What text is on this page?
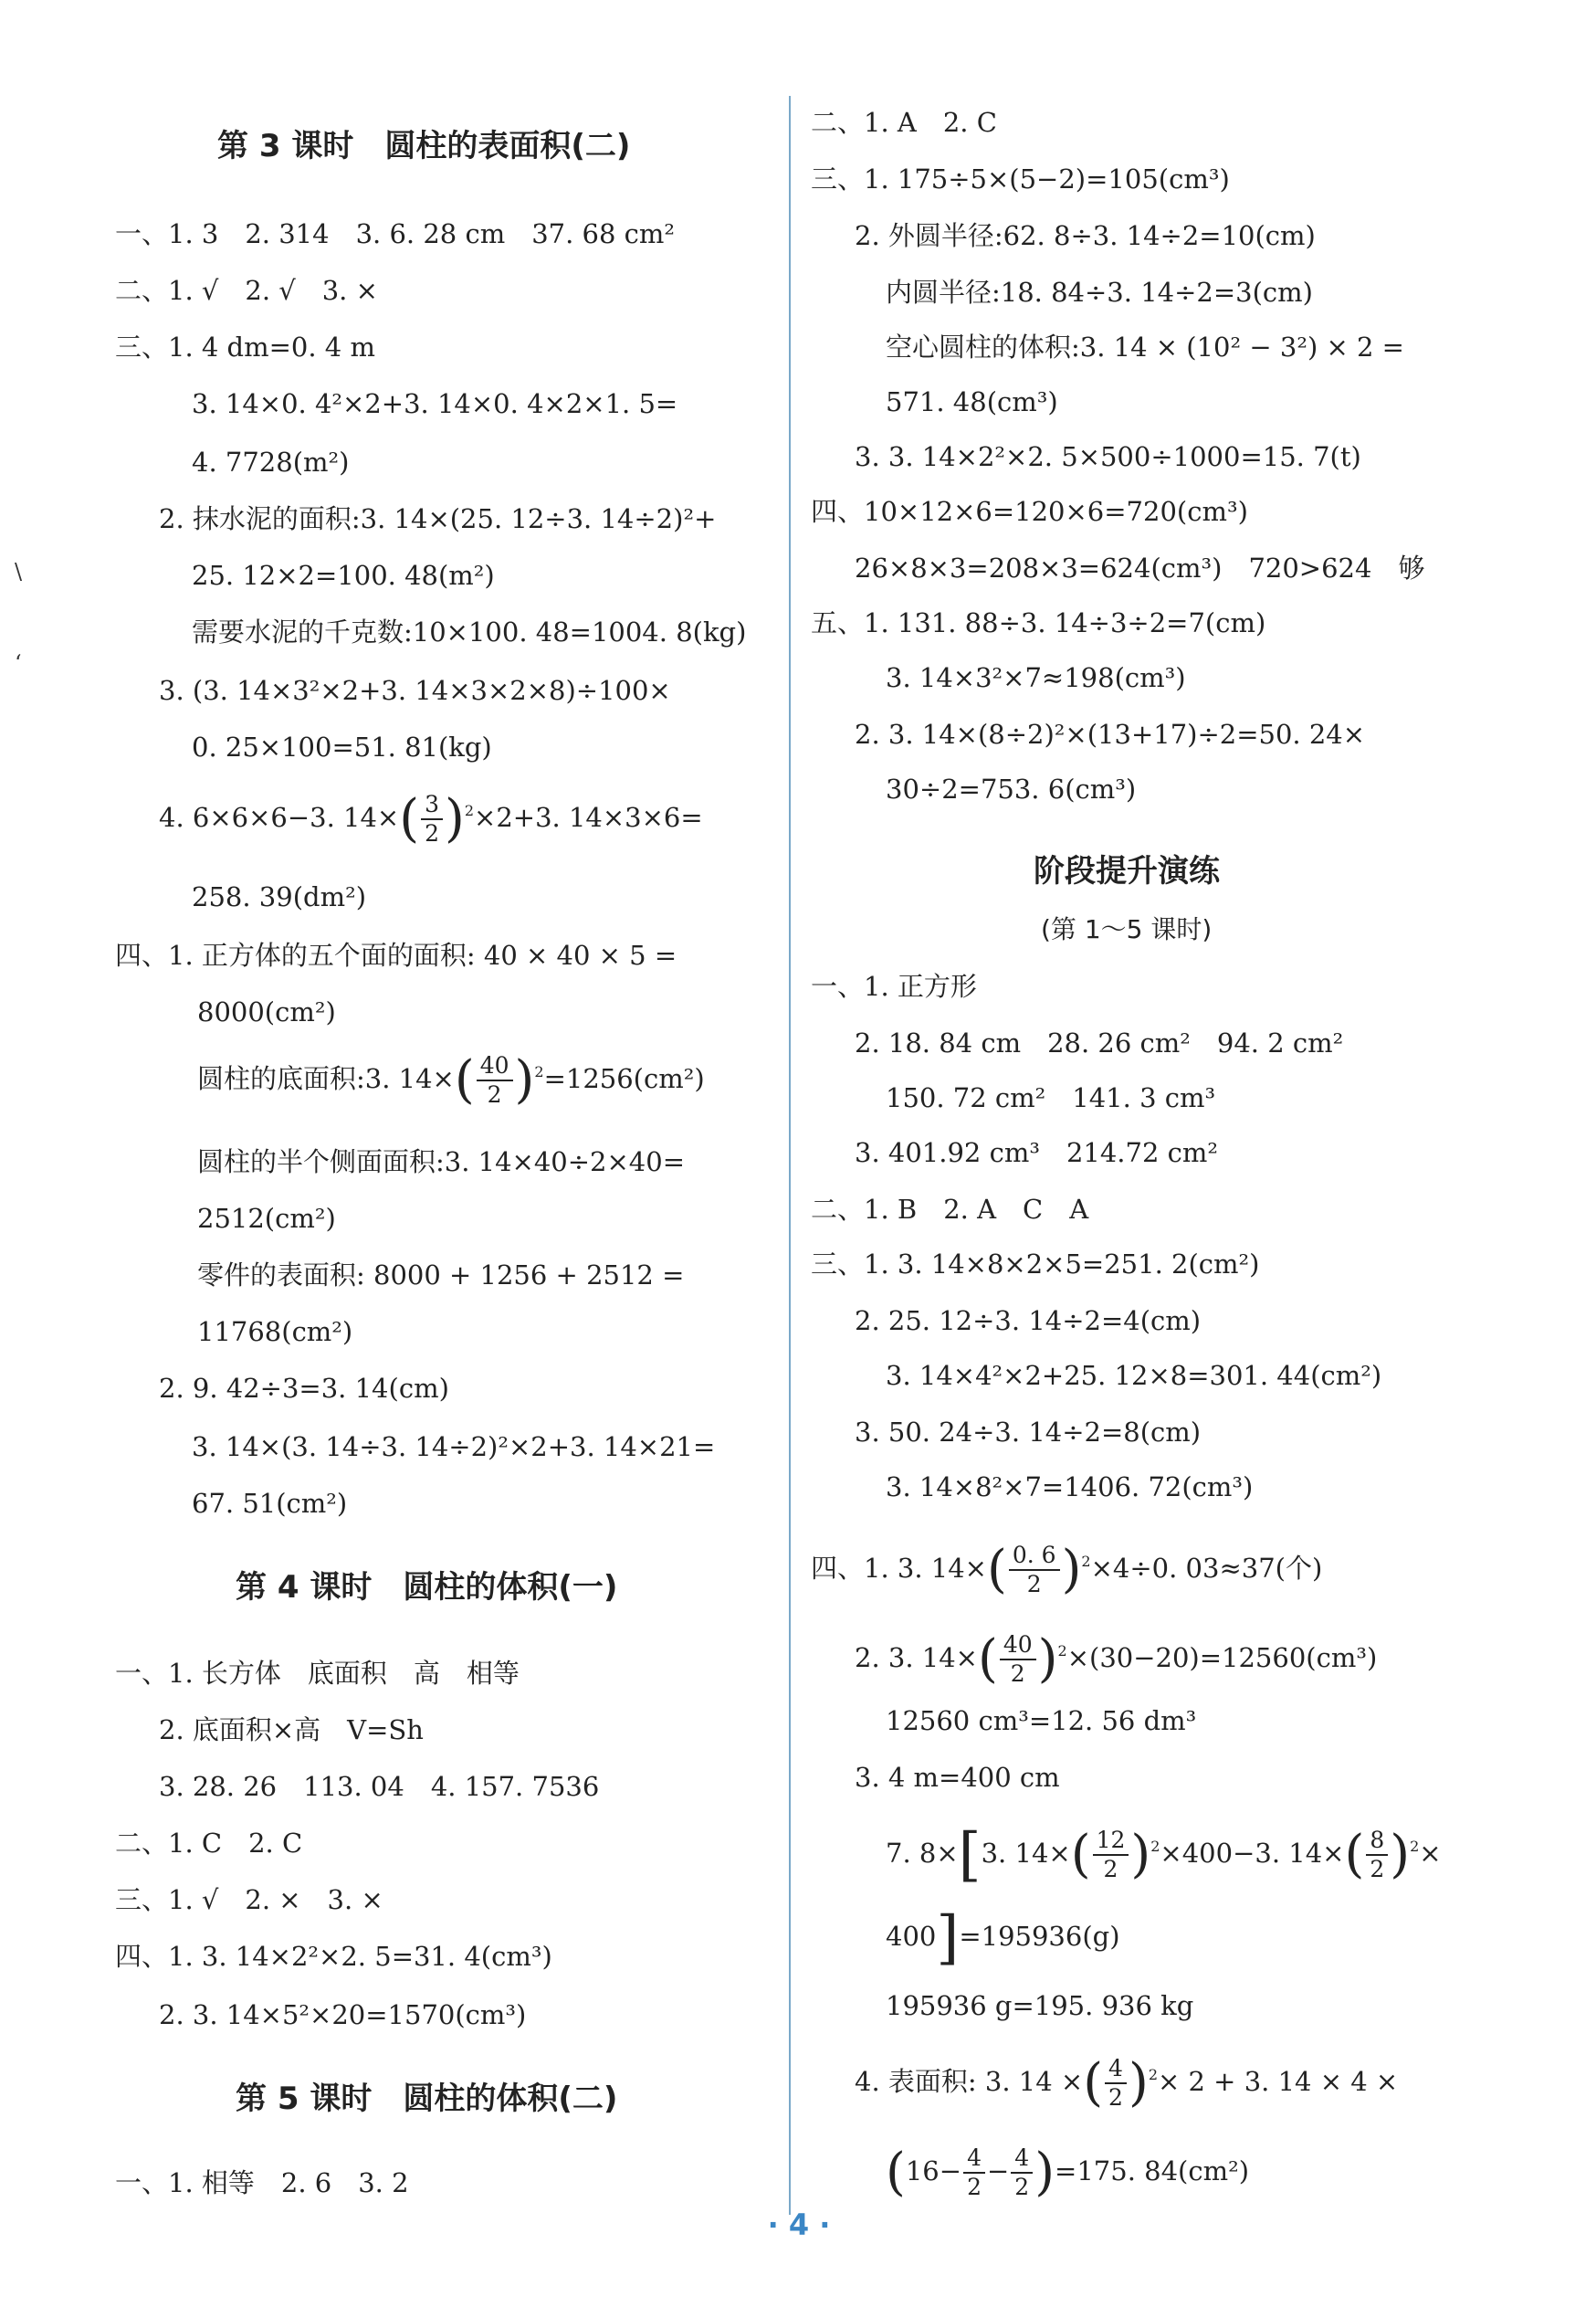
\
‘
第 3 课时　圆柱的表面积(二)
一、1. 3　2. 314　3. 6. 28 cm　37. 68 cm²
二、1. √　2. √　3. ×
三、1. 4 dm=0. 4 m
3. 14×0. 4²×2+3. 14×0. 4×2×1. 5=
4. 7728(m²)
2. 抹水泥的面积:3. 14×(25. 12÷3. 14÷2)²+
25. 12×2=100. 48(m²)
需要水泥的千克数:10×100. 48=1004. 8(kg)
3. (3. 14×3²×2+3. 14×3×2×8)÷100×
0. 25×100=51. 81(kg)
4. 6×6×6−3. $14\times( \frac{3}{2} )^2\times 2+3$. 14×3×6=
258. 39(dm²)
四、1. 正方体的五个面的面积: 40 × 40 × 5 =
8000(cm²)
圆柱的底面积:3. $14\times( \frac{40}{2} )^2=1256(cm^2)$
圆柱的半个侧面面积:3. 14×40÷2×40=
2512(cm²)
零件的表面积: 8000 + 1256 + 2512 =
11768(cm²)
2. 9. 42÷3=3. 14(cm)
3. 14×(3. 14÷3. 14÷2)²×2+3. 14×21=
67. 51(cm²)
第 4 课时　圆柱的体积(一)
一、1. 长方体　底面积　高　相等
2. 底面积×高　V=Sh
3. 28. 26　113. 04　4. 157. 7536
二、1. C　2. C
三、1. √　2. ×　3. ×
四、1. 3. 14×2²×2. 5=31. 4(cm³)
2. 3. 14×5²×20=1570(cm³)
第 5 课时　圆柱的体积(二)
一、1. 相等　2. 6　3. 2
二、1. A　2. C
三、1. 175÷5×(5−2)=105(cm³)
2. 外圆半径:62. 8÷3. 14÷2=10(cm)
内圆半径:18. 84÷3. 14÷2=3(cm)
空心圆柱的体积:3. 14 × (10² − 3²) × 2 =
571. 48(cm³)
3. 3. 14×2²×2. 5×500÷1000=15. 7(t)
四、10×12×6=120×6=720(cm³)
26×8×3=208×3=624(cm³)　720>624　够
五、1. 131. 88÷3. 14÷3÷2=7(cm)
3. 14×3²×7≈198(cm³)
2. 3. 14×(8÷2)²×(13+17)÷2=50. 24×
30÷2=753. 6(cm³)
阶段提升演练
(第 1～5 课时)
一、1. 正方形
2. 18. 84 cm　28. 26 cm²　94. 2 cm²
150. 72 cm²　141. 3 cm³
3. 401.92 cm³　214.72 cm²
二、1. B　2. A　C　A
三、1. 3. 14×8×2×5=251. 2(cm²)
2. 25. 12÷3. 14÷2=4(cm)
3. 14×4²×2+25. 12×8=301. 44(cm²)
3. 50. 24÷3. 14÷2=8(cm)
3. 14×8²×7=1406. 72(cm³)
四、1. 3. $14\times( \frac{0. 6}{2} )^2\times 4\div 0$. 03≈37(个)
2. 3. $14\times( \frac{40}{2} )^2\times(30-20)=12560(cm^3)$
12560 cm³=12. 56 dm³
3. 4 m=400 cm
7. 8×[3. $14\times( \frac{12}{2} )^2\times 400-3$. $14\times( \frac{8}{2} )^2\times$
400]=195936(g)
195936 g=195. 936 kg
4. 表面积: 3. 14 ×( $\frac{4}{2} )^2\times 2 + 3$. 14 × 4 ×
$(16- \frac{4}{2} - \frac{4}{2} )=175$. 84(cm²)
· 4 ·
